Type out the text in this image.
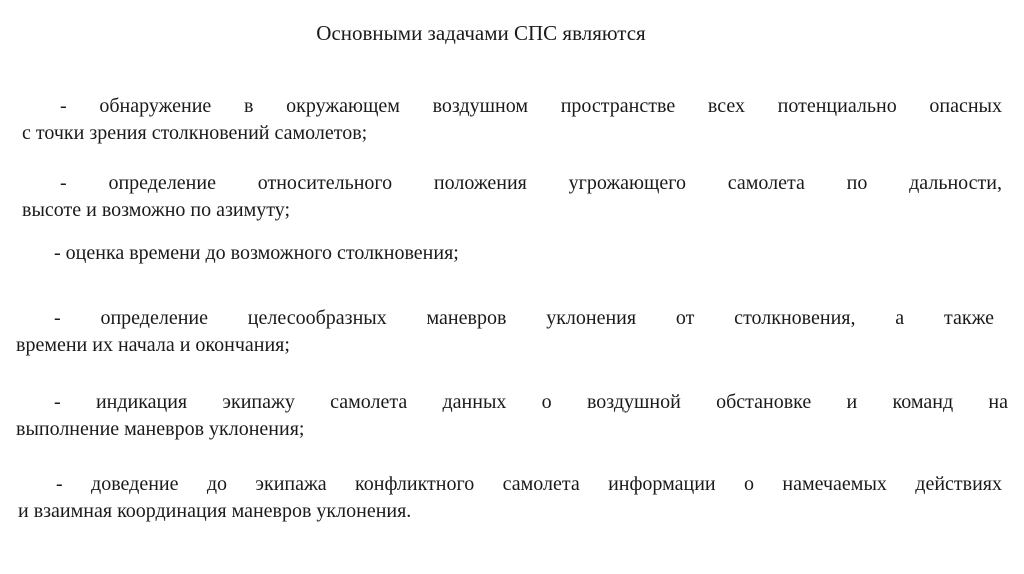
Основными задачами СПС являются
- обнаружение в окружающем воздушном пространстве всех потенциально опасных
с точки зрения столкновений самолетов;
- определение относительного положения угрожающего самолета по дальности,
высоте и возможно по азимуту;
- оценка времени до возможного столкновения;
- определение целесообразных маневров уклонения от столкновения, а также
времени их начала и окончания;
- индикация экипажу самолета данных о воздушной обстановке и команд на
выполнение маневров уклонения;
- доведение до экипажа конфликтного самолета информации о намечаемых действиях
и взаимная координация маневров уклонения.
